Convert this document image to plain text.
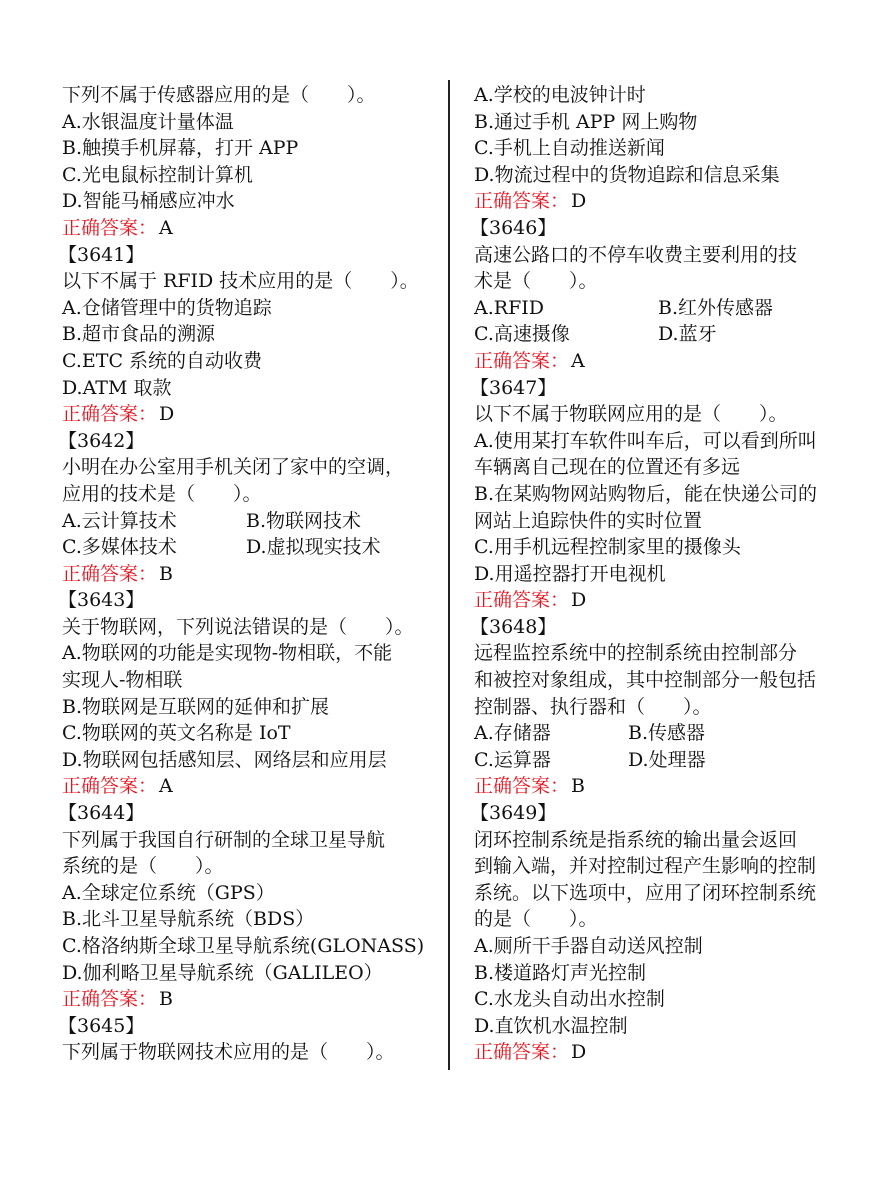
下列不属于传感器应用的是（　　）。
A.水银温度计量体温
B.触摸手机屏幕，打开 APP
C.光电鼠标控制计算机
D.智能马桶感应冲水
正确答案： A
【3641】
以下不属于 RFID 技术应用的是（　　）。
A.仓储管理中的货物追踪
B.超市食品的溯源
C.ETC 系统的自动收费
D.ATM 取款
正确答案： D
【3642】
小明在办公室用手机关闭了家中的空调，
应用的技术是（　　）。
A.云计算技术	B.物联网技术
C.多媒体技术	D.虚拟现实技术
正确答案： B
【3643】
关于物联网，下列说法错误的是（　　）。
A.物联网的功能是实现物-物相联，不能
实现人-物相联
B.物联网是互联网的延伸和扩展
C.物联网的英文名称是 IoT
D.物联网包括感知层、网络层和应用层
正确答案： A
【3644】
下列属于我国自行研制的全球卫星导航
系统的是（　　）。
A.全球定位系统（GPS）
B.北斗卫星导航系统（BDS）
C.格洛纳斯全球卫星导航系统(GLONASS)
D.伽利略卫星导航系统（GALILEO）
正确答案： B
【3645】
下列属于物联网技术应用的是（　　）。
A.学校的电波钟计时
B.通过手机 APP 网上购物
C.手机上自动推送新闻
D.物流过程中的货物追踪和信息采集
正确答案： D
【3646】
高速公路口的不停车收费主要利用的技
术是（　　）。
A.RFID	B.红外传感器
C.高速摄像	D.蓝牙
正确答案： A
【3647】
以下不属于物联网应用的是（　　）。
A.使用某打车软件叫车后，可以看到所叫
车辆离自己现在的位置还有多远
B.在某购物网站购物后，能在快递公司的
网站上追踪快件的实时位置
C.用手机远程控制家里的摄像头
D.用遥控器打开电视机
正确答案： D
【3648】
远程监控系统中的控制系统由控制部分
和被控对象组成，其中控制部分一般包括
控制器、执行器和（　　）。
A.存储器	B.传感器
C.运算器	D.处理器
正确答案： B
【3649】
闭环控制系统是指系统的输出量会返回
到输入端，并对控制过程产生影响的控制
系统。以下选项中，应用了闭环控制系统
的是（　　）。
A.厕所干手器自动送风控制
B.楼道路灯声光控制
C.水龙头自动出水控制
D.直饮机水温控制
正确答案： D
